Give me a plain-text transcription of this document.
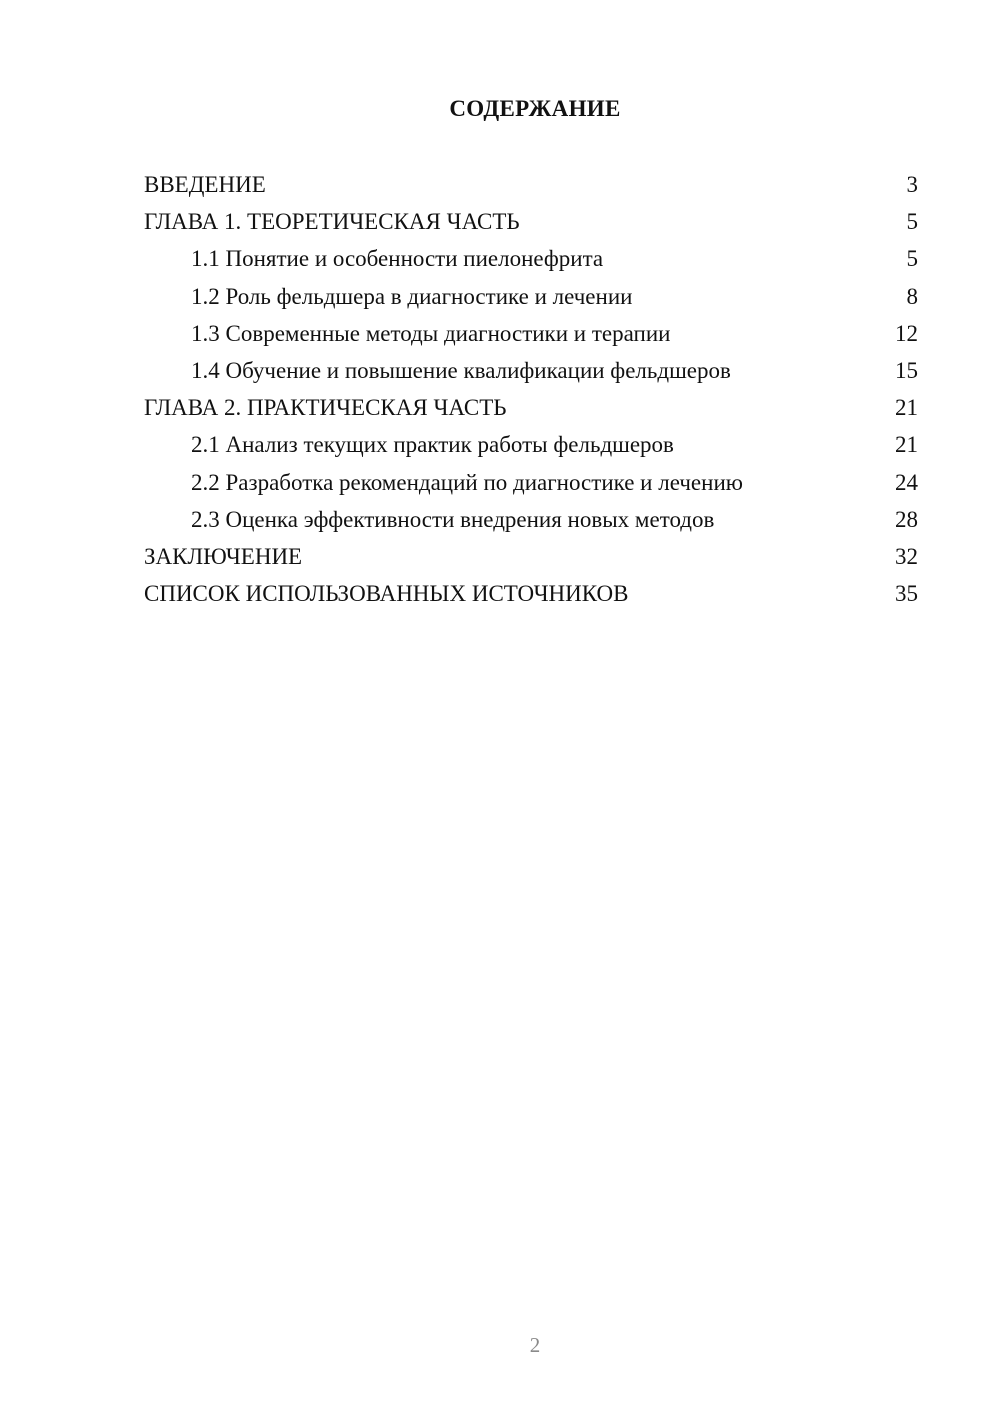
СОДЕРЖАНИЕ
ВВЕДЕНИЕ	3
ГЛАВА 1. ТЕОРЕТИЧЕСКАЯ ЧАСТЬ	5
1.1 Понятие и особенности пиелонефрита	5
1.2 Роль фельдшера в диагностике и лечении	8
1.3 Современные методы диагностики и терапии	12
1.4 Обучение и повышение квалификации фельдшеров	15
ГЛАВА 2. ПРАКТИЧЕСКАЯ ЧАСТЬ	21
2.1 Анализ текущих практик работы фельдшеров	21
2.2 Разработка рекомендаций по диагностике и лечению	24
2.3 Оценка эффективности внедрения новых методов	28
ЗАКЛЮЧЕНИЕ	32
СПИСОК ИСПОЛЬЗОВАННЫХ ИСТОЧНИКОВ	35
2
